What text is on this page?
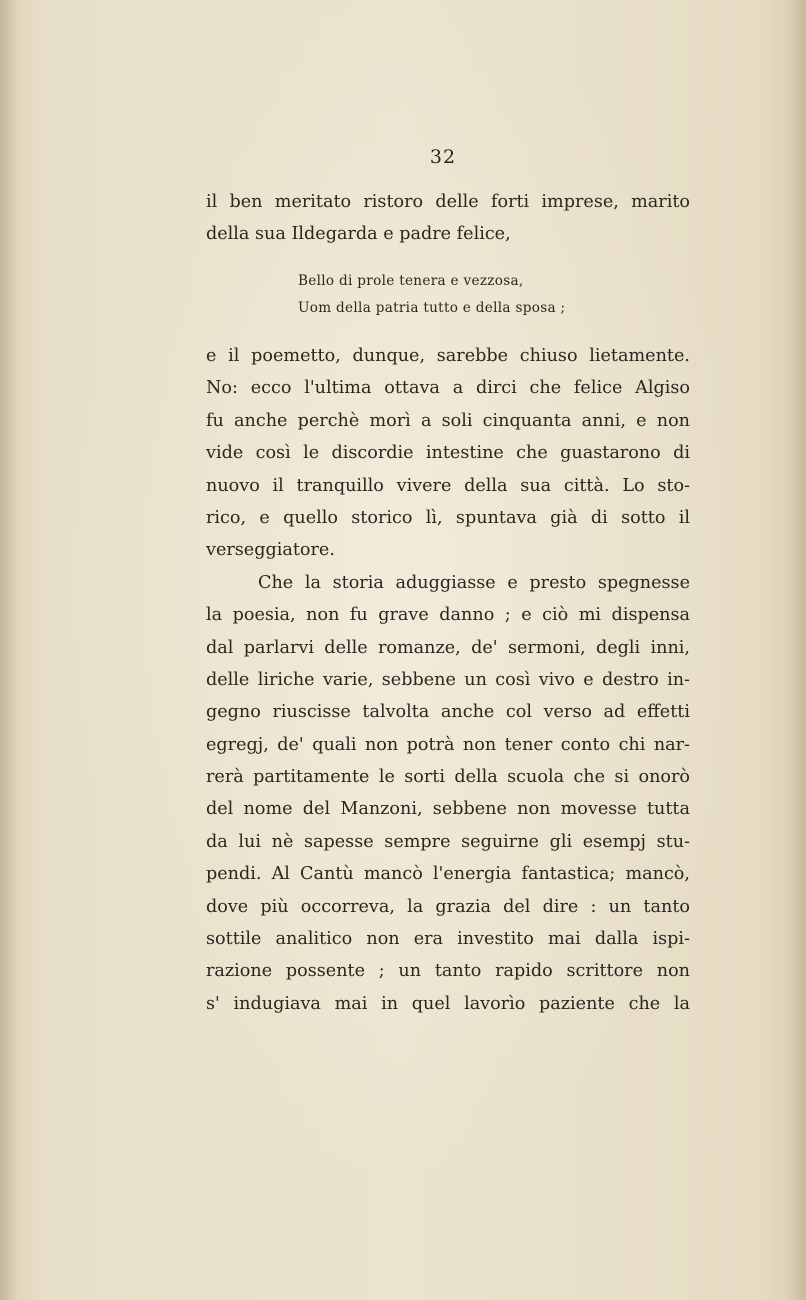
32
il ben meritato ristoro delle forti imprese, marito
della sua Ildegarda e padre felice,
Bello di prole tenera e vezzosa,
Uom della patria tutto e della sposa ;
e il poemetto, dunque, sarebbe chiuso lietamente.
No: ecco l'ultima ottava a dirci che felice Algiso
fu anche perchè morì a soli cinquanta anni, e non
vide così le discordie intestine che guastarono di
nuovo il tranquillo vivere della sua città. Lo sto-
rico, e quello storico lì, spuntava già di sotto il
verseggiatore.
Che la storia aduggiasse e presto spegnesse
la poesia, non fu grave danno ; e ciò mi dispensa
dal parlarvi delle romanze, de' sermoni, degli inni,
delle liriche varie, sebbene un così vivo e destro in-
gegno riuscisse talvolta anche col verso ad effetti
egregj, de' quali non potrà non tener conto chi nar-
rerà partitamente le sorti della scuola che si onorò
del nome del Manzoni, sebbene non movesse tutta
da lui nè sapesse sempre seguirne gli esempj stu-
pendi. Al Cantù mancò l'energia fantastica; mancò,
dove più occorreva, la grazia del dire : un tanto
sottile analitico non era investito mai dalla ispi-
razione possente ; un tanto rapido scrittore non
s' indugiava mai in quel lavorìo paziente che la
